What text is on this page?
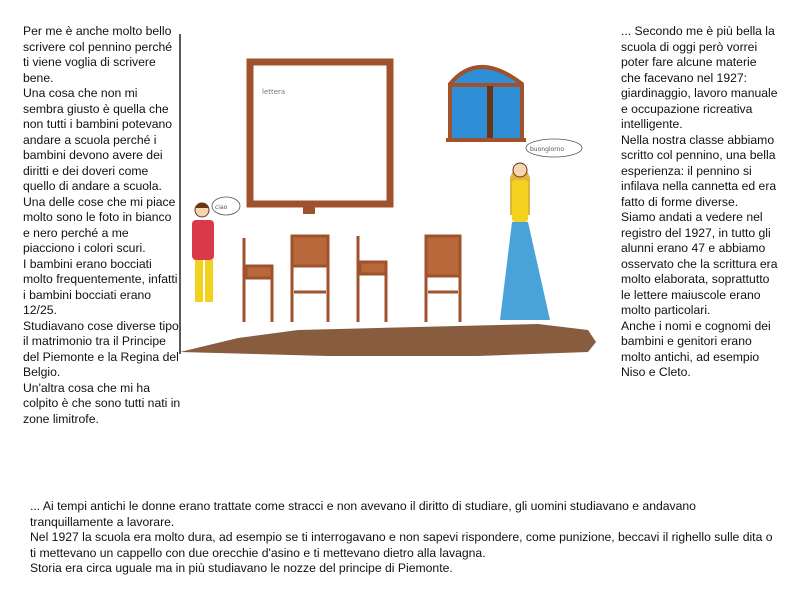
Per me è anche molto bello scrivere col pennino perché ti viene voglia di scrivere bene.

Una cosa che non mi sembra giusto è quella che non tutti i bambini potevano andare a scuola perché i bambini devono avere dei diritti e dei doveri come quello di andare a scuola.

Una delle cose che mi piace molto sono le foto in bianco e nero perché a me piacciono i colori scuri.

I bambini erano bocciati molto frequentemente, infatti i bambini bocciati erano 12/25.

Studiavano cose diverse tipo il matrimonio tra il Principe del Piemonte e la Regina del Belgio.

Un'altra cosa che mi ha colpito è che sono tutti nati in zone limitrofe.

lettera
ciao
buongiorno

... Secondo me è più bella la scuola di oggi però vorrei poter fare alcune materie che facevano nel 1927: giardinaggio, lavoro manuale e occupazione ricreativa intelligente.

Nella nostra classe abbiamo scritto col pennino, una bella esperienza: il pennino si infilava nella cannetta ed era fatto di forme diverse.

Siamo andati a vedere nel registro del 1927, in tutto gli alunni erano 47 e abbiamo osservato che la scrittura era molto elaborata, soprattutto le lettere maiuscole erano molto particolari.

Anche i nomi e cognomi dei bambini e genitori erano molto antichi, ad esempio Niso e Cleto.

... Ai tempi antichi le donne erano trattate come stracci e non avevano il diritto di studiare, gli uomini studiavano e andavano tranquillamente a lavorare.

Nel 1927 la scuola era molto dura, ad esempio se ti interrogavano e non sapevi rispondere, come punizione, beccavi il righello sulle dita o ti mettevano un cappello con due orecchie d'asino e ti mettevano dietro alla lavagna.

Storia era circa uguale ma in più studiavano le nozze del principe di Piemonte.
